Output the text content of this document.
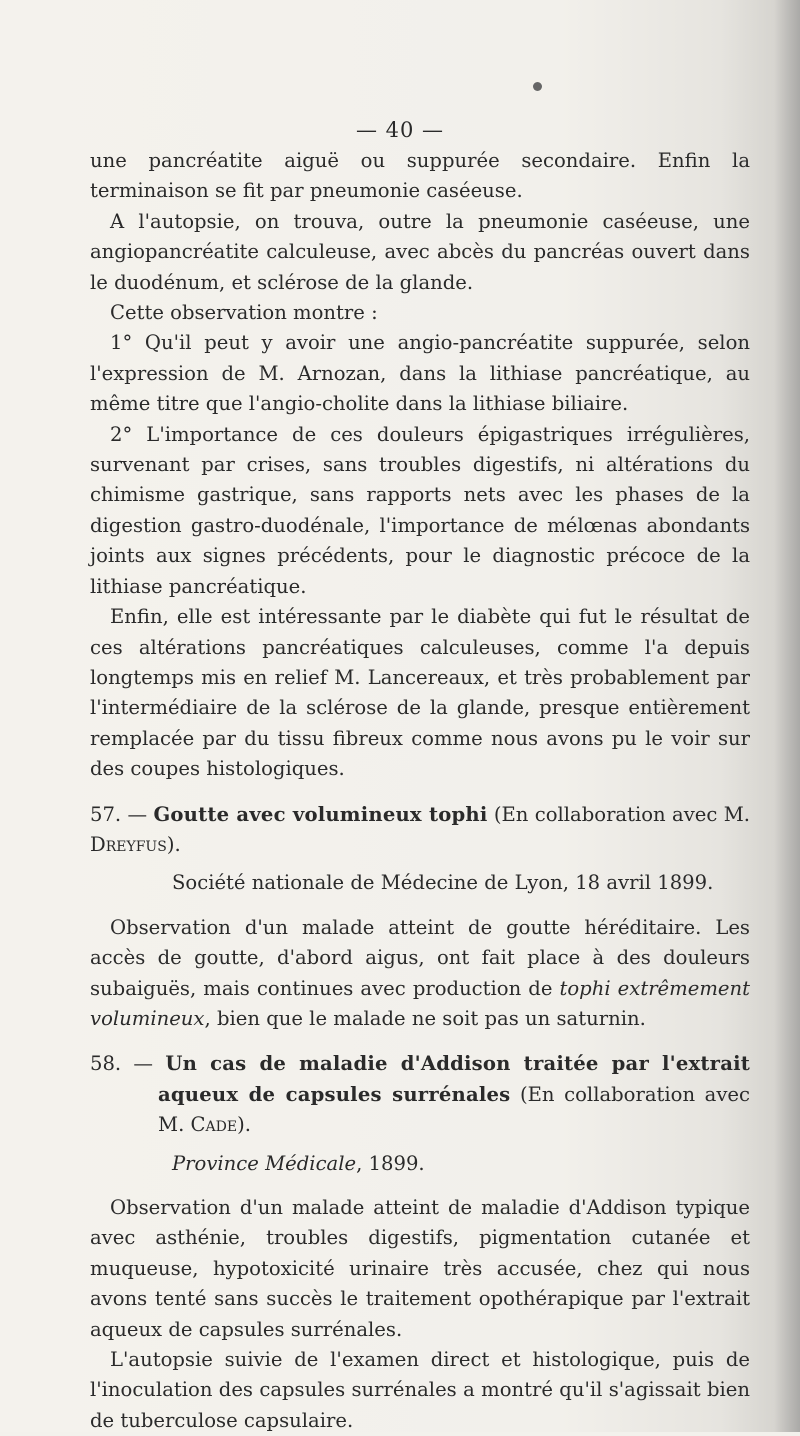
— 40 —

une pancréatite aiguë ou suppurée secondaire. Enfin la terminaison se fit par pneumonie caséeuse.

A l'autopsie, on trouva, outre la pneumonie caséeuse, une angiopancréatite calculeuse, avec abcès du pancréas ouvert dans le duodénum, et sclérose de la glande.

Cette observation montre :

1° Qu'il peut y avoir une angio-pancréatite suppurée, selon l'expression de M. Arnozan, dans la lithiase pancréatique, au même titre que l'angio-cholite dans la lithiase biliaire.

2° L'importance de ces douleurs épigastriques irrégulières, survenant par crises, sans troubles digestifs, ni altérations du chimisme gastrique, sans rapports nets avec les phases de la digestion gastro-duodénale, l'importance de mélœnas abondants joints aux signes précédents, pour le diagnostic précoce de la lithiase pancréatique.

Enfin, elle est intéressante par le diabète qui fut le résultat de ces altérations pancréatiques calculeuses, comme l'a depuis longtemps mis en relief M. Lancereaux, et très probablement par l'intermédiaire de la sclérose de la glande, presque entièrement remplacée par du tissu fibreux comme nous avons pu le voir sur des coupes histologiques.

57. — Goutte avec volumineux tophi (En collaboration avec M. Dreyfus).

Société nationale de Médecine de Lyon, 18 avril 1899.

Observation d'un malade atteint de goutte héréditaire. Les accès de goutte, d'abord aigus, ont fait place à des douleurs subaiguës, mais continues avec production de tophi extrêmement volumineux, bien que le malade ne soit pas un saturnin.

58. — Un cas de maladie d'Addison traitée par l'extrait aqueux de capsules surrénales (En collaboration avec M. Cade).

Province Médicale, 1899.

Observation d'un malade atteint de maladie d'Addison typique avec asthénie, troubles digestifs, pigmentation cutanée et muqueuse, hypotoxicité urinaire très accusée, chez qui nous avons tenté sans succès le traitement opothérapique par l'extrait aqueux de capsules surrénales.

L'autopsie suivie de l'examen direct et histologique, puis de l'inoculation des capsules surrénales a montré qu'il s'agissait bien de tuberculose capsulaire.
